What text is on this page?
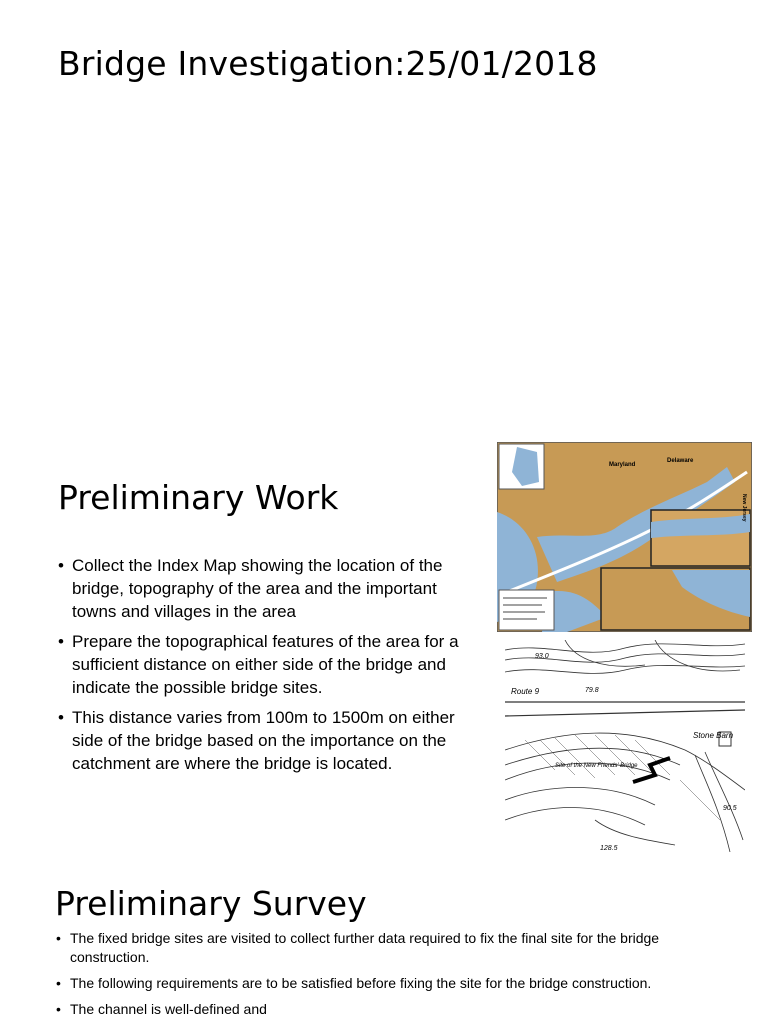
Bridge Investigation:25/01/2018
Preliminary Work
• Collect the Index Map showing the location of the bridge, topography of the area and the important towns and villages in the area
• Prepare the topographical features of the area for a sufficient distance on either side of the bridge and indicate the possible bridge sites.
• This distance varies from 100m to 1500m on either side of the bridge based on the importance on the catchment are where the bridge is located.
Maryland
Delaware
New Jersey
Route 9
Stone Barn
Site of the New Friends' Bridge
93.0
79.8
128.5
90.5
Preliminary Survey
• The fixed bridge sites are visited to collect further data required to fix the final site for the bridge construction.
• The following requirements are to be satisfied before fixing the site for the bridge construction.
• The channel is well-defined and
